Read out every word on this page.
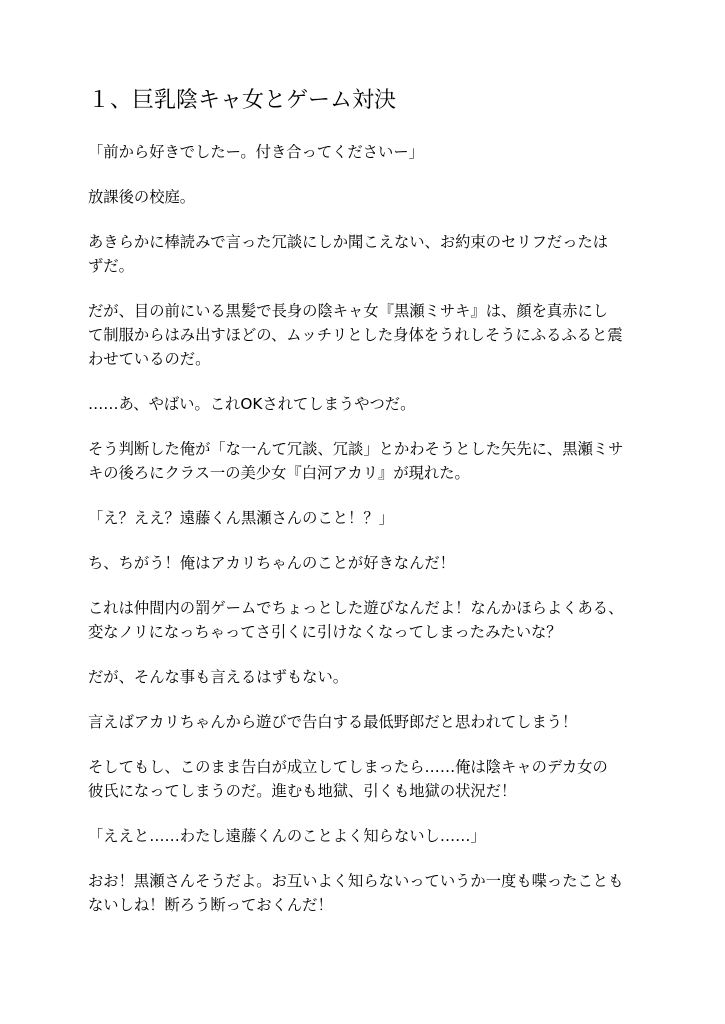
１、巨乳陰キャ女とゲーム対決

「前から好きでしたー。付き合ってくださいー」

放課後の校庭。

あきらかに棒読みで言った冗談にしか聞こえない、お約束のセリフだったは
ずだ。

だが、目の前にいる黒髪で長身の陰キャ女『黒瀬ミサキ』は、顔を真赤にし
て制服からはみ出すほどの、ムッチリとした身体をうれしそうにふるふると震
わせているのだ。

……あ、やばい。これOKされてしまうやつだ。

そう判断した俺が「な一んて冗談、冗談」とかわそうとした矢先に、黒瀬ミサ
キの後ろにクラス一の美少女『白河アカリ』が現れた。

「え？ええ？遠藤くん黒瀬さんのこと！？」

ち、ちがう！俺はアカリちゃんのことが好きなんだ！

これは仲間内の罰ゲームでちょっとした遊びなんだよ！なんかほらよくある、
変なノリになっちゃってさ引くに引けなくなってしまったみたいな？

だが、そんな事も言えるはずもない。

言えばアカリちゃんから遊びで告白する最低野郎だと思われてしまう！

そしてもし、このまま告白が成立してしまったら……俺は陰キャのデカ女の
彼氏になってしまうのだ。進むも地獄、引くも地獄の状況だ！

「ええと……わたし遠藤くんのことよく知らないし……」

おお！黒瀬さんそうだよ。お互いよく知らないっていうか一度も喋ったことも
ないしね！断ろう断っておくんだ！
